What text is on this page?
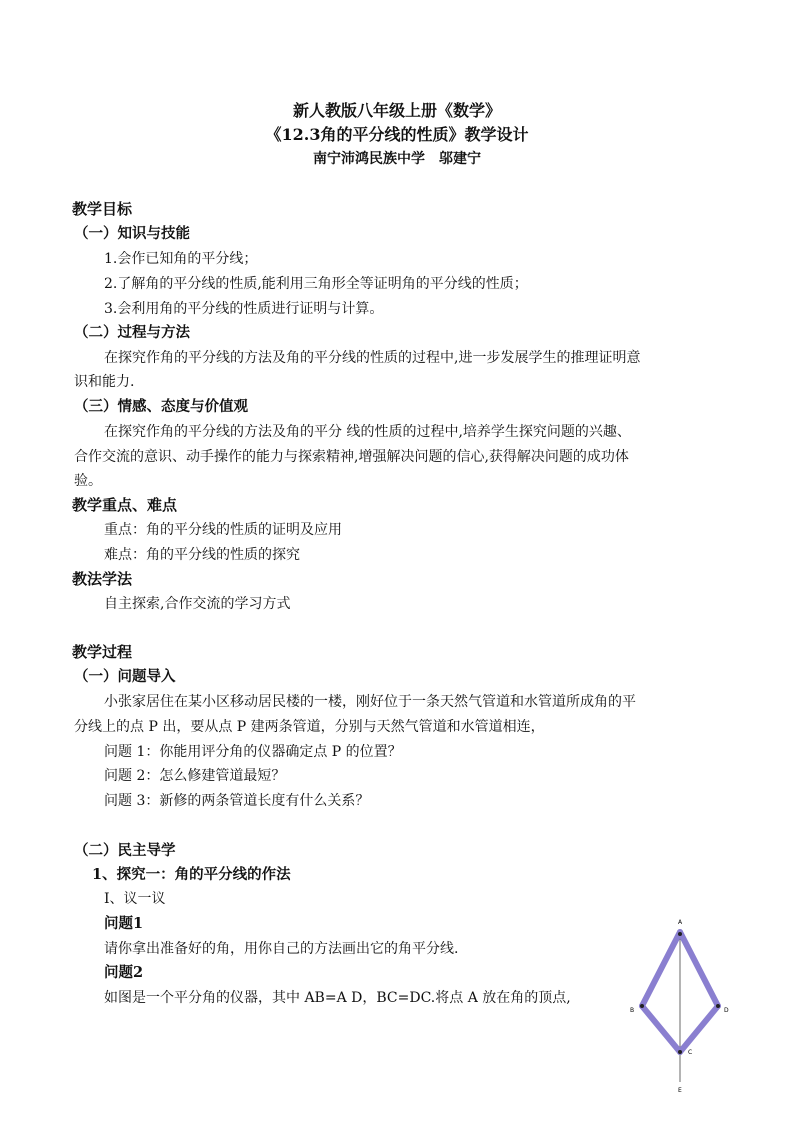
新人教版八年级上册《数学》
《12.3角的平分线的性质》教学设计
南宁沛鸿民族中学　邬建宁
教学目标
（一）知识与技能
1.会作已知角的平分线；
2.了解角的平分线的性质,能利用三角形全等证明角的平分线的性质；
3.会利用角的平分线的性质进行证明与计算。
（二）过程与方法
在探究作角的平分线的方法及角的平分线的性质的过程中,进一步发展学生的推理证明意
识和能力.
（三）情感、态度与价值观
在探究作角的平分线的方法及角的平分 线的性质的过程中,培养学生探究问题的兴趣、
合作交流的意识、动手操作的能力与探索精神,增强解决问题的信心,获得解决问题的成功体
验。
教学重点、难点
重点：角的平分线的性质的证明及应用
难点：角的平分线的性质的探究
教法学法
自主探索,合作交流的学习方式
教学过程
（一）问题导入
小张家居住在某小区移动居民楼的一楼，刚好位于一条天然气管道和水管道所成角的平
分线上的点 P 出，要从点 P 建两条管道，分别与天然气管道和水管道相连，
问题 1：你能用评分角的仪器确定点 P 的位置？
问题 2：怎么修建管道最短？
问题 3：新修的两条管道长度有什么关系？
（二）民主导学
1、探究一：角的平分线的作法
Ⅰ、议一议
问题1
请你拿出准备好的角，用你自己的方法画出它的角平分线.
问题2
如图是一个平分角的仪器，其中 AB=A D，BC=DC.将点 A 放在角的顶点,
A
B	D
C
E
